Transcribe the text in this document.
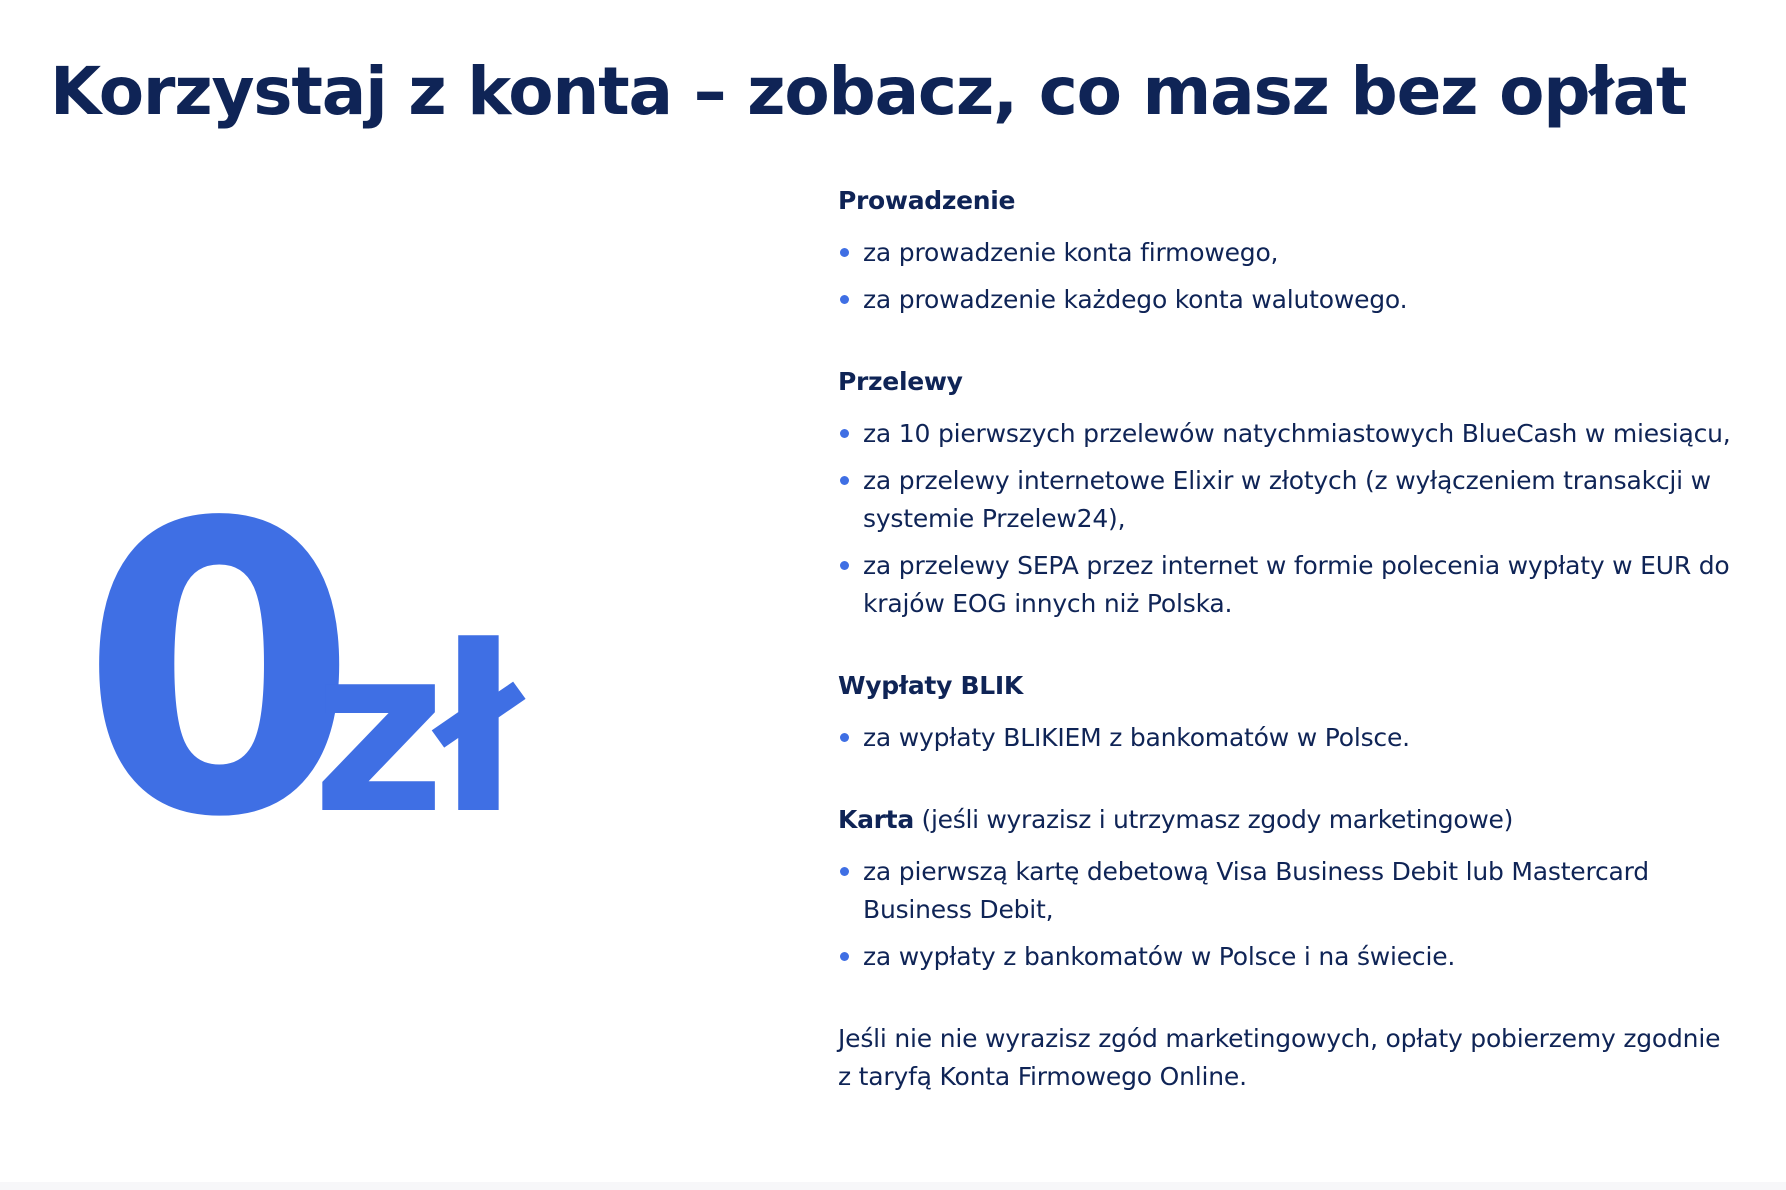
Korzystaj z konta – zobacz, co masz bez opłat
0
zł

Prowadzenie

za prowadzenie konta firmowego,
za prowadzenie każdego konta walutowego.

Przelewy

za 10 pierwszych przelewów natychmiastowych BlueCash w miesiącu,
za przelewy internetowe Elixir w złotych (z wyłączeniem transakcji w systemie Przelew24),
za przelewy SEPA przez internet w formie polecenia wypłaty w EUR do krajów EOG innych niż Polska.

Wypłaty BLIK

za wypłaty BLIKIEM z bankomatów w Polsce.

Karta (jeśli wyrazisz i utrzymasz zgody marketingowe)

za pierwszą kartę debetową Visa Business Debit lub Mastercard Business Debit,
za wypłaty z bankomatów w Polsce i na świecie.

Jeśli nie nie wyrazisz zgód marketingowych, opłaty pobierzemy zgodnie z taryfą Konta Firmowego Online.
